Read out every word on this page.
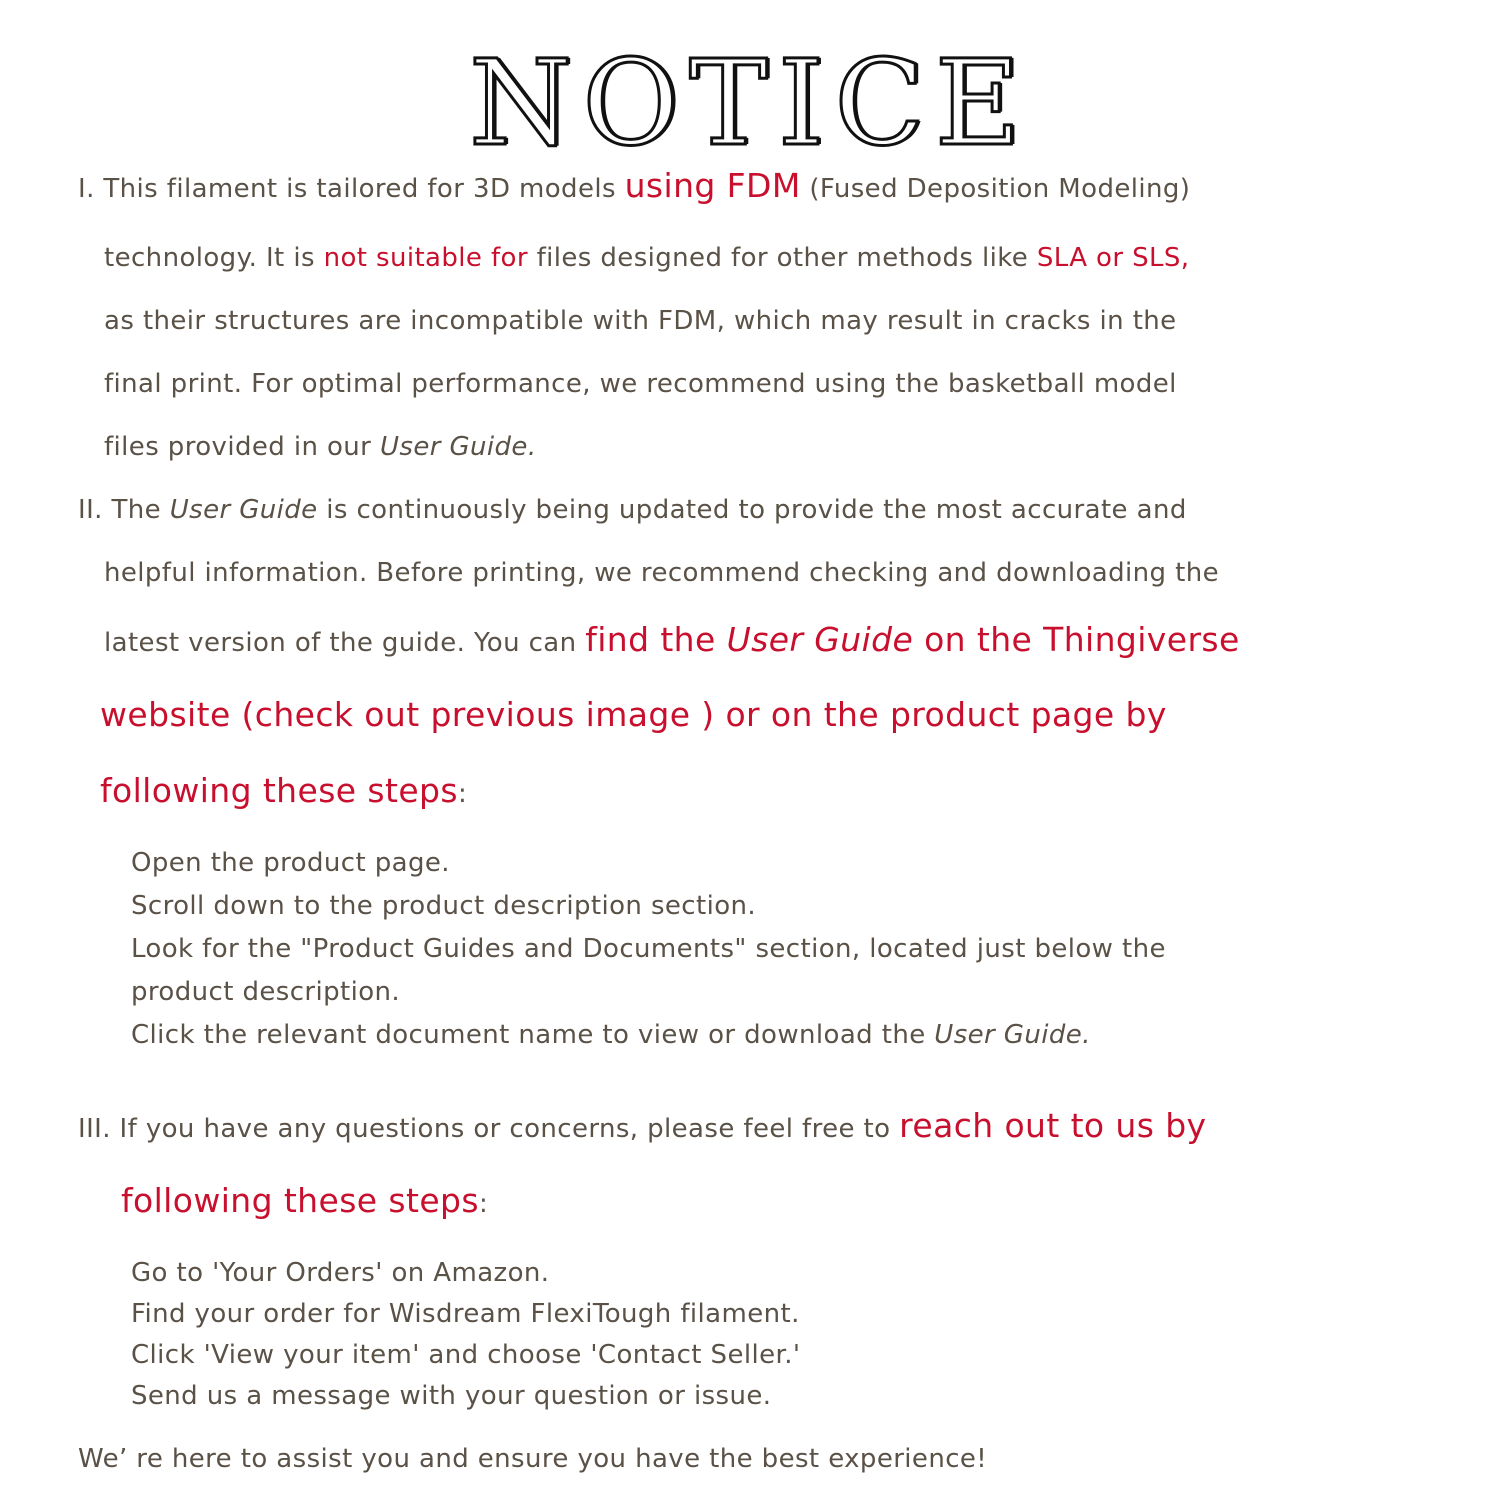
NOTICE
I. This filament is tailored for 3D models using FDM (Fused Deposition Modeling)
technology. It is not suitable for files designed for other methods like SLA or SLS,
as their structures are incompatible with FDM, which may result in cracks in the
final print. For optimal performance, we recommend using the basketball model
files provided in our User Guide.
II. The User Guide is continuously being updated to provide the most accurate and
helpful information. Before printing, we recommend checking and downloading the
latest version of the guide. You can find the User Guide on the Thingiverse
website (check out previous image ) or on the product page by
following these steps:
Open the product page.
Scroll down to the product description section.
Look for the "Product Guides and Documents" section, located just below the
product description.
Click the relevant document name to view or download the User Guide.
III. If you have any questions or concerns, please feel free to reach out to us by
following these steps:
Go to 'Your Orders' on Amazon.
Find your order for Wisdream FlexiTough filament.
Click 'View your item' and choose 'Contact Seller.'
Send us a message with your question or issue.
We’ re here to assist you and ensure you have the best experience!
